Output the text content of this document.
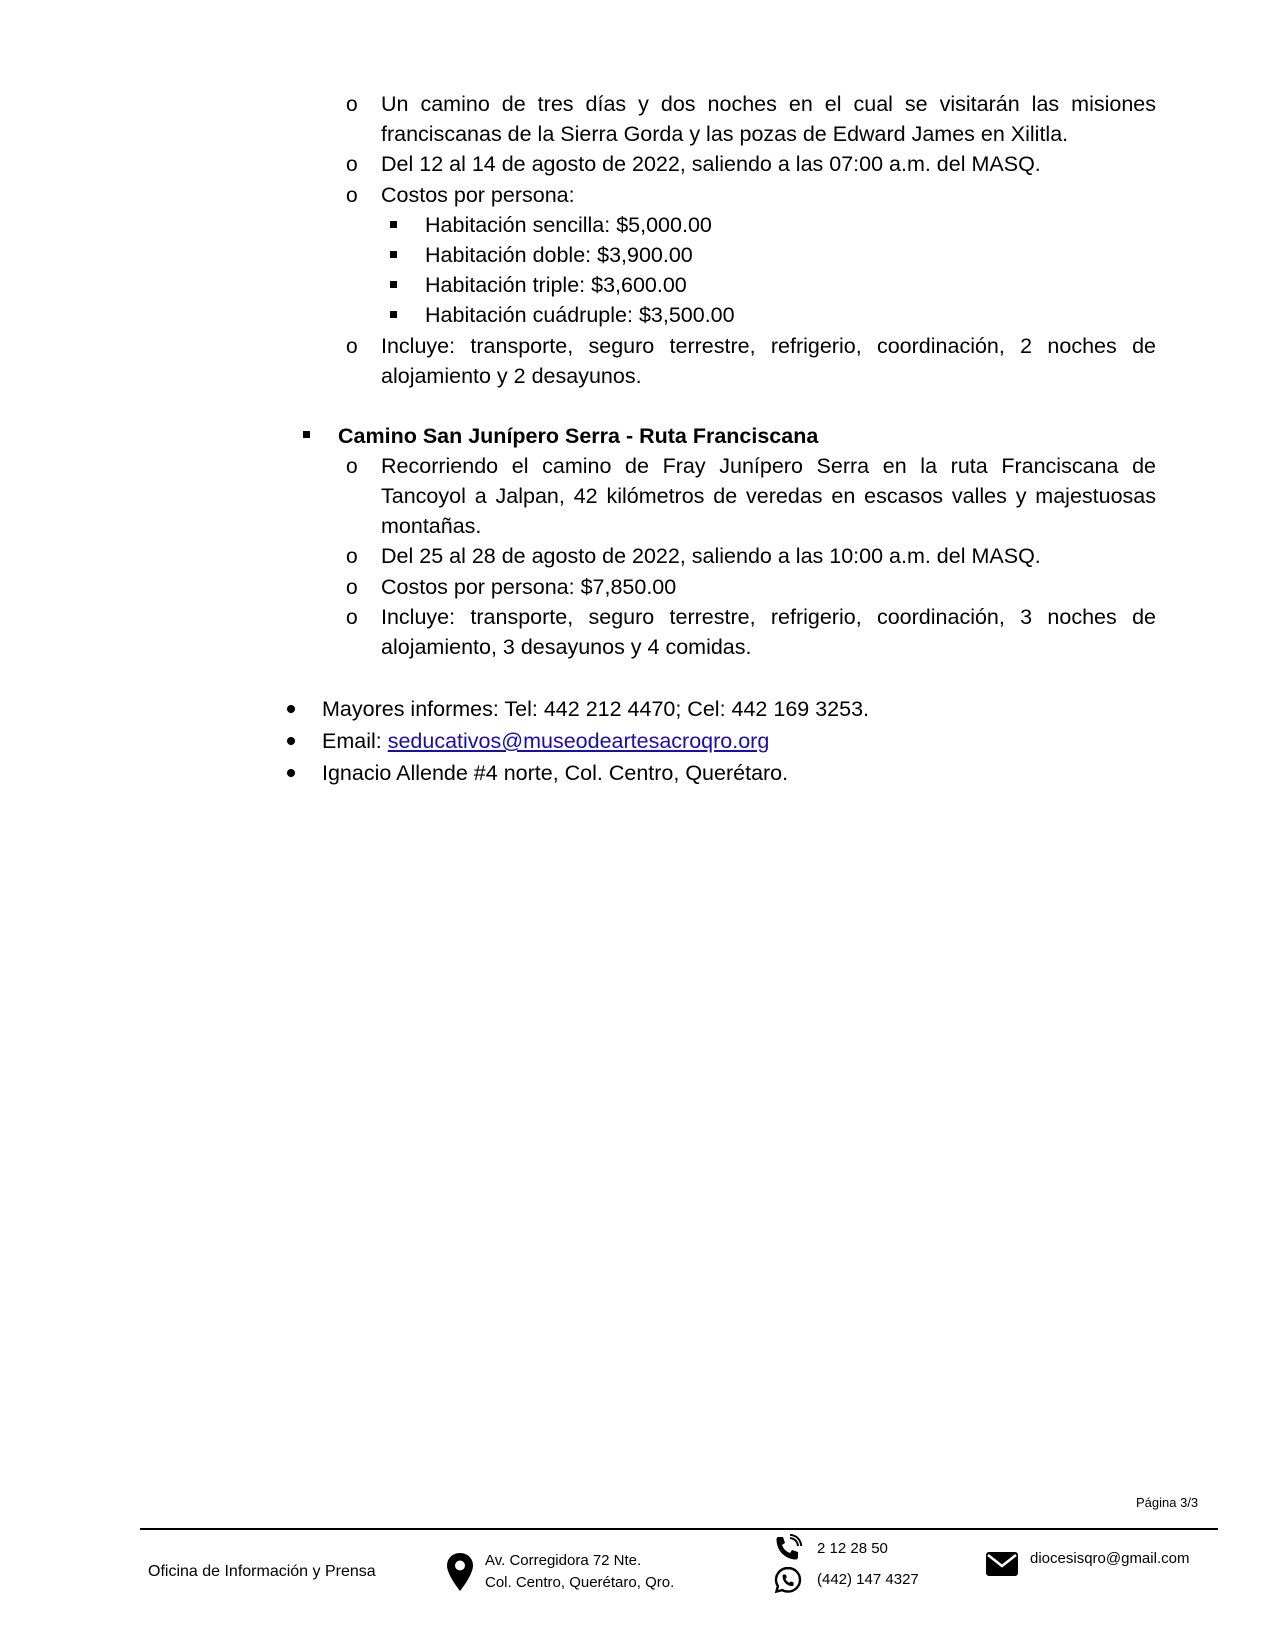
o Un camino de tres días y dos noches en el cual se visitarán las misiones
franciscanas de la Sierra Gorda y las pozas de Edward James en Xilitla.
o Del 12 al 14 de agosto de 2022, saliendo a las 07:00 a.m. del MASQ.
o Costos por persona:
Habitación sencilla: $5,000.00
Habitación doble: $3,900.00
Habitación triple: $3,600.00
Habitación cuádruple: $3,500.00
o Incluye: transporte, seguro terrestre, refrigerio, coordinación, 2 noches de
alojamiento y 2 desayunos.
Camino San Junípero Serra - Ruta Franciscana
o Recorriendo el camino de Fray Junípero Serra en la ruta Franciscana de
Tancoyol a Jalpan, 42 kilómetros de veredas en escasos valles y majestuosas
montañas.
o Del 25 al 28 de agosto de 2022, saliendo a las 10:00 a.m. del MASQ.
o Costos por persona: $7,850.00
o Incluye: transporte, seguro terrestre, refrigerio, coordinación, 3 noches de
alojamiento, 3 desayunos y 4 comidas.
Mayores informes: Tel: 442 212 4470; Cel: 442 169 3253.
Email: seducativos@museodeartesacroqro.org
Ignacio Allende #4 norte, Col. Centro, Querétaro.
Página 3/3
Oficina de Información y Prensa
Av. Corregidora 72 Nte.
Col. Centro, Querétaro, Qro.
2 12 28 50
(442) 147 4327
diocesisqro@gmail.com
